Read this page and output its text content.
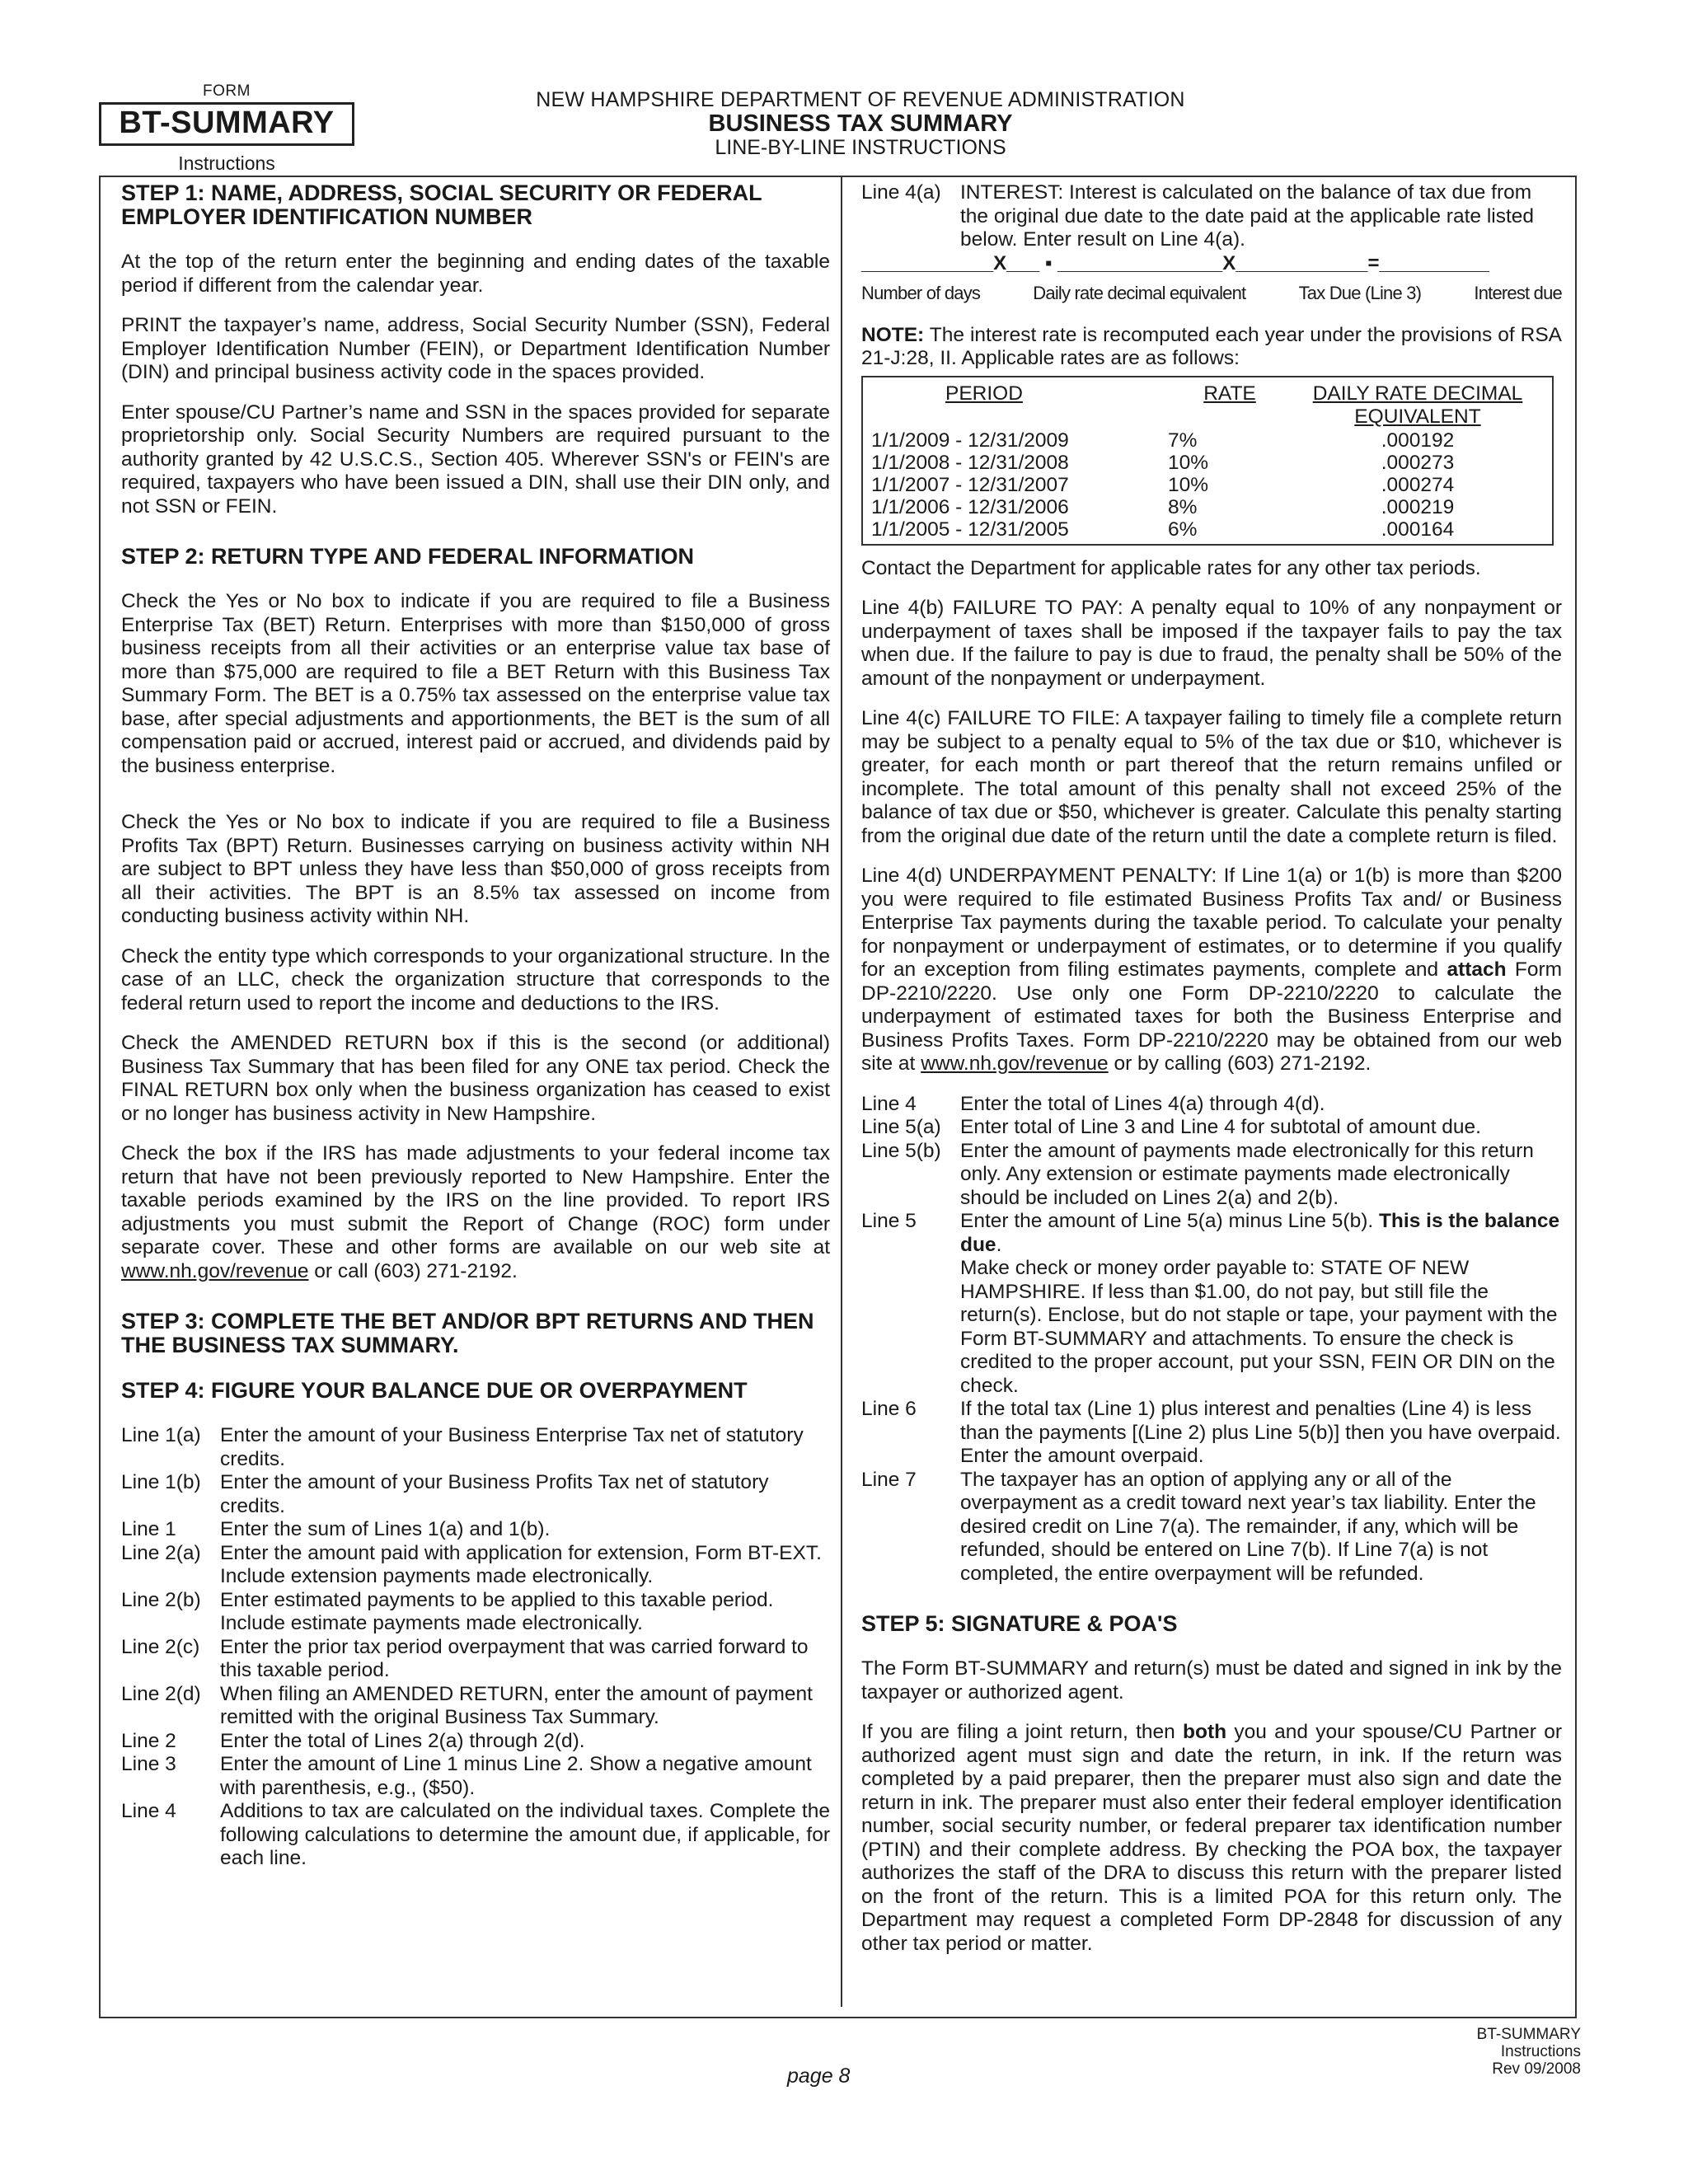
FORM
BT-SUMMARY
Instructions
NEW HAMPSHIRE DEPARTMENT OF REVENUE ADMINISTRATION
BUSINESS TAX SUMMARY
LINE-BY-LINE INSTRUCTIONS
STEP 1: NAME, ADDRESS, SOCIAL SECURITY OR FEDERAL EMPLOYER IDENTIFICATION NUMBER

At the top of the return enter the beginning and ending dates of the taxable period if different from the calendar year.

PRINT the taxpayer’s name, address, Social Security Number (SSN), Federal Employer Identification Number (FEIN), or Department Identification Number (DIN) and principal business activity code in the spaces provided.

Enter spouse/CU Partner’s name and SSN in the spaces provided for separate proprietorship only. Social Security Numbers are required pursuant to the authority granted by 42 U.S.C.S., Section 405. Wherever SSN's or FEIN's are required, taxpayers who have been issued a DIN, shall use their DIN only, and not SSN or FEIN.

STEP 2: RETURN TYPE AND FEDERAL INFORMATION

Check the Yes or No box to indicate if you are required to file a Business Enterprise Tax (BET) Return. Enterprises with more than $150,000 of gross business receipts from all their activities or an enterprise value tax base of more than $75,000 are required to file a BET Return with this Business Tax Summary Form. The BET is a 0.75% tax assessed on the enterprise value tax base, after special adjustments and apportionments, the BET is the sum of all compensation paid or accrued, interest paid or accrued, and dividends paid by the business enterprise.

Check the Yes or No box to indicate if you are required to file a Business Profits Tax (BPT) Return. Businesses carrying on business activity within NH are subject to BPT unless they have less than $50,000 of gross receipts from all their activities. The BPT is an 8.5% tax assessed on income from conducting business activity within NH.

Check the entity type which corresponds to your organizational structure. In the case of an LLC, check the organization structure that corresponds to the federal return used to report the income and deductions to the IRS.

Check the AMENDED RETURN box if this is the second (or additional) Business Tax Summary that has been filed for any ONE tax period. Check the FINAL RETURN box only when the business organization has ceased to exist or no longer has business activity in New Hampshire.

Check the box if the IRS has made adjustments to your federal income tax return that have not been previously reported to New Hampshire. Enter the taxable periods examined by the IRS on the line provided. To report IRS adjustments you must submit the Report of Change (ROC) form under separate cover. These and other forms are available on our web site at www.nh.gov/revenue or call (603) 271-2192.

STEP 3: COMPLETE THE BET AND/OR BPT RETURNS AND THEN THE BUSINESS TAX SUMMARY.
STEP 4: FIGURE YOUR BALANCE DUE OR OVERPAYMENT
Line 1(a) Enter the amount of your Business Enterprise Tax net of statutory credits.
Line 1(b) Enter the amount of your Business Profits Tax net of statutory credits.
Line 1	Enter the sum of Lines 1(a) and 1(b).
Line 2(a) Enter the amount paid with application for extension, Form BT-EXT. Include extension payments made electronically.
Line 2(b) Enter estimated payments to be applied to this taxable period. Include estimate payments made electronically.
Line 2(c)	Enter the prior tax period overpayment that was carried forward to this taxable period.
Line 2(d) When filing an AMENDED RETURN, enter the amount of payment remitted with the original Business Tax Summary.
Line 2	Enter the total of Lines 2(a) through 2(d).
Line 3	Enter the amount of Line 1 minus Line 2. Show a negative amount with parenthesis, e.g., ($50).
Line 4	Additions to tax are calculated on the individual taxes. Complete the following calculations to determine the amount due, if applicable, for each line.
Line 4(a) INTEREST: Interest is calculated on the balance of tax due from the original due date to the date paid at the applicable rate listed below. Enter result on Line 4(a).
____________X___ ▪ _______________X____________=__________
Number of days	Daily rate decimal equivalent	Tax Due (Line 3)	Interest due

NOTE: The interest rate is recomputed each year under the provisions of RSA 21-J:28, II. Applicable rates are as follows:

PERIOD	RATE	DAILY RATE DECIMAL EQUIVALENT
1/1/2009 - 12/31/2009	7%	.000192
1/1/2008 - 12/31/2008	10%	.000273
1/1/2007 - 12/31/2007	10%	.000274
1/1/2006 - 12/31/2006	8%	.000219
1/1/2005 - 12/31/2005	6%	.000164

Contact the Department for applicable rates for any other tax periods.

Line 4(b) FAILURE TO PAY: A penalty equal to 10% of any nonpayment or underpayment of taxes shall be imposed if the taxpayer fails to pay the tax when due. If the failure to pay is due to fraud, the penalty shall be 50% of the amount of the nonpayment or underpayment.

Line 4(c) FAILURE TO FILE: A taxpayer failing to timely file a complete return may be subject to a penalty equal to 5% of the tax due or $10, whichever is greater, for each month or part thereof that the return remains unfiled or incomplete. The total amount of this penalty shall not exceed 25% of the balance of tax due or $50, whichever is greater. Calculate this penalty starting from the original due date of the return until the date a complete return is filed.

Line 4(d) UNDERPAYMENT PENALTY: If Line 1(a) or 1(b) is more than $200 you were required to file estimated Business Profits Tax and/ or Business Enterprise Tax payments during the taxable period. To calculate your penalty for nonpayment or underpayment of estimates, or to determine if you qualify for an exception from filing estimates payments, complete and attach Form DP-2210/2220. Use only one Form DP-2210/2220 to calculate the underpayment of estimated taxes for both the Business Enterprise and Business Profits Taxes. Form DP-2210/2220 may be obtained from our web site at www.nh.gov/revenue or by calling (603) 271-2192.

Line 4	Enter the total of Lines 4(a) through 4(d).
Line 5(a) Enter total of Line 3 and Line 4 for subtotal of amount due.
Line 5(b) Enter the amount of payments made electronically for this return only. Any extension or estimate payments made electronically should be included on Lines 2(a) and 2(b).
Line 5	Enter the amount of Line 5(a) minus Line 5(b). This is the balance due.
Make check or money order payable to: STATE OF NEW HAMPSHIRE. If less than $1.00, do not pay, but still file the return(s). Enclose, but do not staple or tape, your payment with the Form BT-SUMMARY and attachments. To ensure the check is credited to the proper account, put your SSN, FEIN OR DIN on the check.
Line 6	If the total tax (Line 1) plus interest and penalties (Line 4) is less than the payments [(Line 2) plus Line 5(b)] then you have overpaid. Enter the amount overpaid.
Line 7	The taxpayer has an option of applying any or all of the overpayment as a credit toward next year’s tax liability. Enter the desired credit on Line 7(a). The remainder, if any, which will be refunded, should be entered on Line 7(b). If Line 7(a) is not completed, the entire overpayment will be refunded.
STEP 5: SIGNATURE & POA'S

The Form BT-SUMMARY and return(s) must be dated and signed in ink by the taxpayer or authorized agent.

If you are filing a joint return, then both you and your spouse/CU Partner or authorized agent must sign and date the return, in ink. If the return was completed by a paid preparer, then the preparer must also sign and date the return in ink. The preparer must also enter their federal employer identification number, social security number, or federal preparer tax identification number (PTIN) and their complete address. By checking the POA box, the taxpayer authorizes the staff of the DRA to discuss this return with the preparer listed on the front of the return. This is a limited POA for this return only. The Department may request a completed Form DP-2848 for discussion of any other tax period or matter.

BT-SUMMARY
Instructions
Rev 09/2008
page 8
